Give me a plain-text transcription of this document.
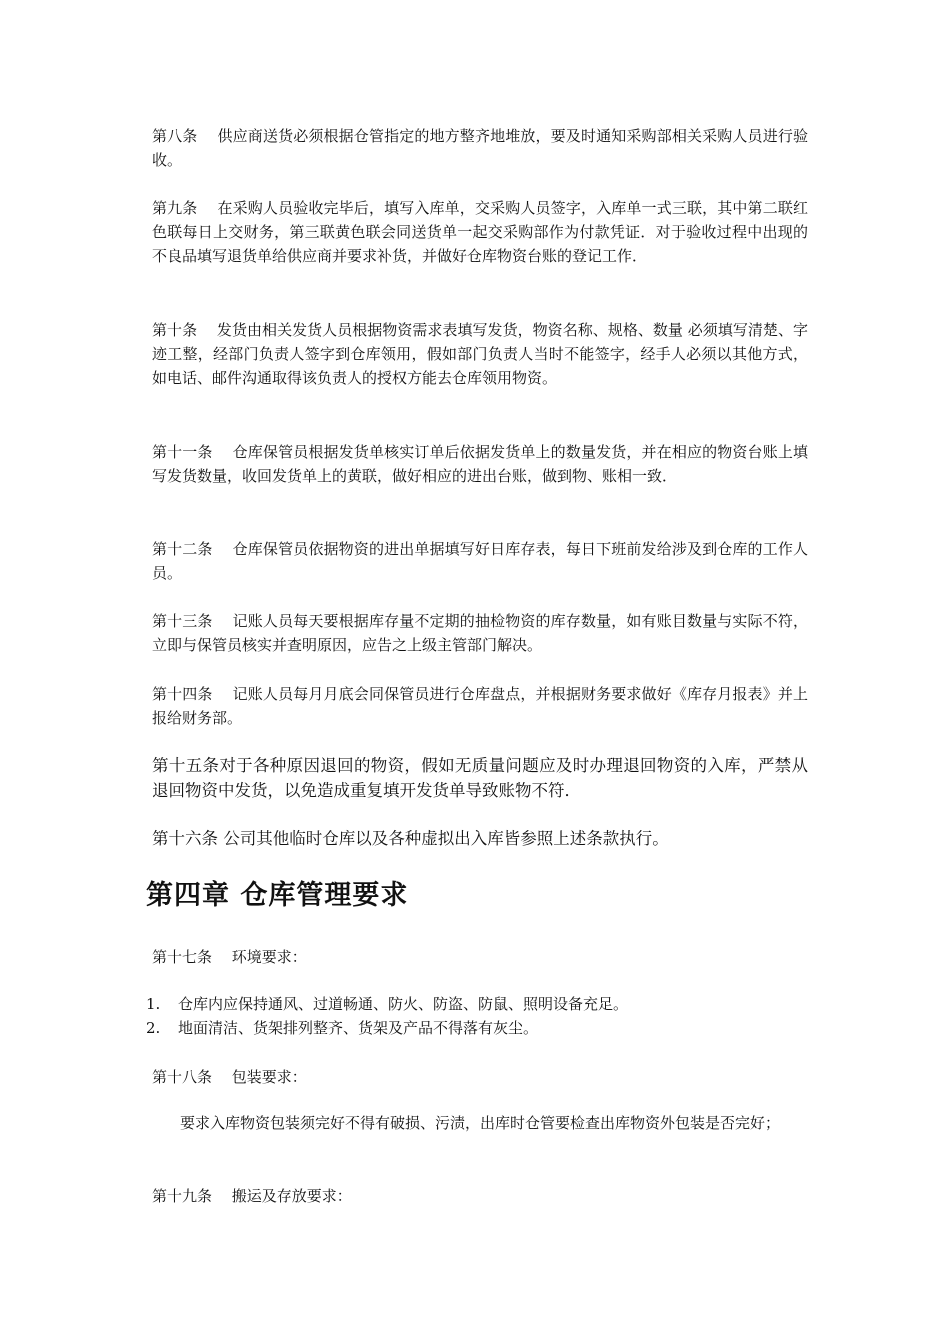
第八条　 供应商送货必须根据仓管指定的地方整齐地堆放，要及时通知采购部相关采购人员进行验收。

第九条　 在采购人员验收完毕后，填写入库单，交采购人员签字，入库单一式三联，其中第二联红色联每日上交财务，第三联黄色联会同送货单一起交采购部作为付款凭证．对于验收过程中出现的不良品填写退货单给供应商并要求补货，并做好仓库物资台账的登记工作．

第十条　 发货由相关发货人员根据物资需求表填写发货，物资名称、规格、数量 必须填写清楚、字迹工整，经部门负责人签字到仓库领用，假如部门负责人当时不能签字，经手人必须以其他方式，如电话、邮件沟通取得该负责人的授权方能去仓库领用物资。

第十一条　 仓库保管员根据发货单核实订单后依据发货单上的数量发货，并在相应的物资台账上填写发货数量，收回发货单上的黄联，做好相应的进出台账，做到物、账相一致．

第十二条　 仓库保管员依据物资的进出单据填写好日库存表，每日下班前发给涉及到仓库的工作人员。

第十三条　 记账人员每天要根据库存量不定期的抽检物资的库存数量，如有账目数量与实际不符，立即与保管员核实并查明原因，应告之上级主管部门解决。

第十四条　 记账人员每月月底会同保管员进行仓库盘点，并根据财务要求做好《库存月报表》并上报给财务部。

第十五条对于各种原因退回的物资，假如无质量问题应及时办理退回物资的入库，严禁从退回物资中发货，以免造成重复填开发货单导致账物不符．

第十六条 公司其他临时仓库以及各种虚拟出入库皆参照上述条款执行。

第四章 仓库管理要求

第十七条　 环境要求：

1. 仓库内应保持通风、过道畅通、防火、防盗、防鼠、照明设备充足。
2. 地面清洁、货架排列整齐、货架及产品不得落有灰尘。

第十八条　 包装要求：

要求入库物资包装须完好不得有破损、污渍，出库时仓管要检查出库物资外包装是否完好；

第十九条　 搬运及存放要求：
